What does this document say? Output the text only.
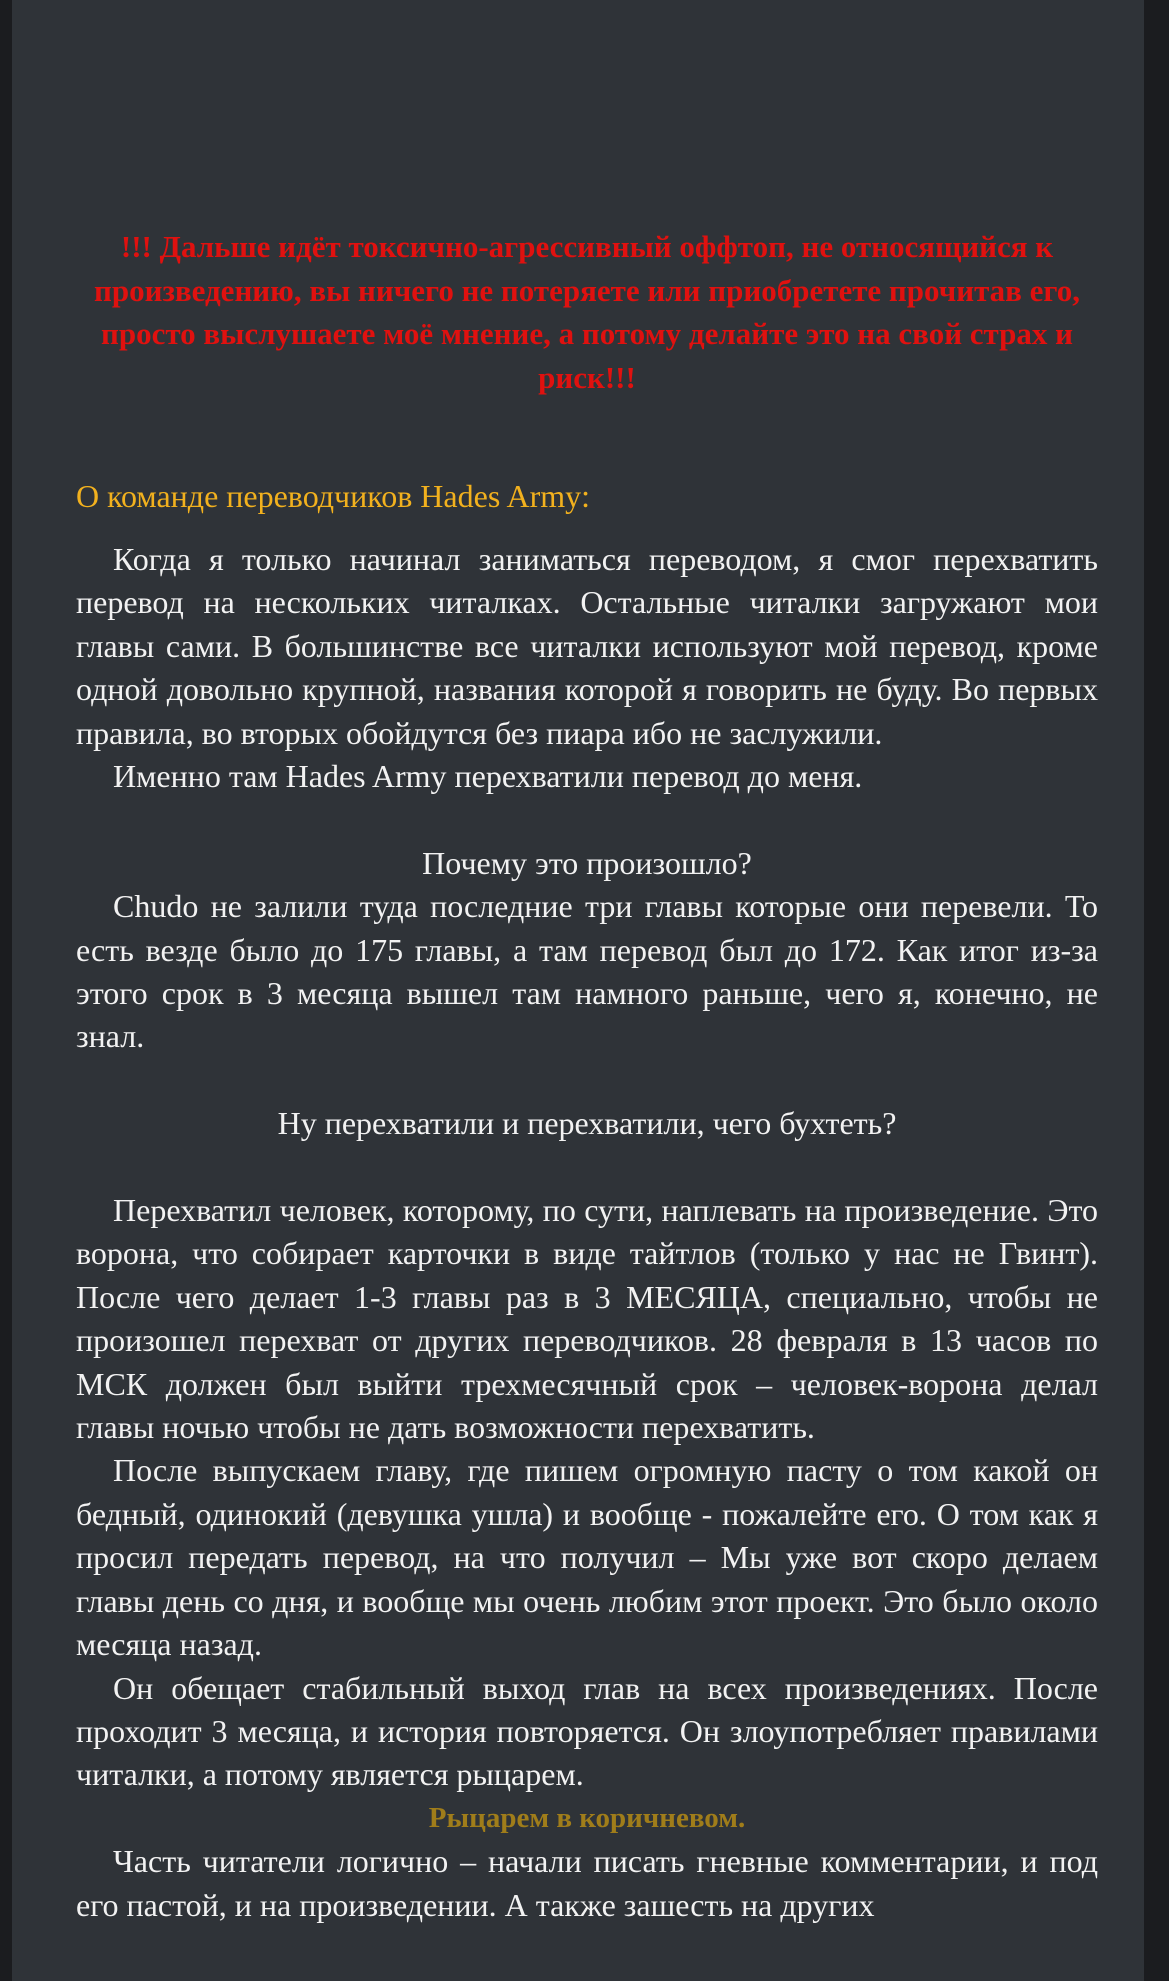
!!! Дальше идёт токсично-агрессивный оффтоп, не относящийся к произведению, вы ничего не потеряете или приобретете прочитав его, просто выслушаете моё мнение, а потому делайте это на свой страх и риск!!!

О команде переводчиков Hades Army:

Когда я только начинал заниматься переводом, я смог перехватить перевод на нескольких читалках. Остальные читалки загружают мои главы сами. В большинстве все читалки используют мой перевод, кроме одной довольно крупной, названия которой я говорить не буду. Во первых правила, во вторых обойдутся без пиара ибо не заслужили.

Именно там Hades Army перехватили перевод до меня.

Почему это произошло?

Chudo не залили туда последние три главы которые они перевели. То есть везде было до 175 главы, а там перевод был до 172. Как итог из-за этого срок в 3 месяца вышел там намного раньше, чего я, конечно, не знал.

Ну перехватили и перехватили, чего бухтеть?

Перехватил человек, которому, по сути, наплевать на произведение. Это ворона, что собирает карточки в виде тайтлов (только у нас не Гвинт). После чего делает 1-3 главы раз в 3 МЕСЯЦА, специально, чтобы не произошел перехват от других переводчиков. 28 февраля в 13 часов по МСК должен был выйти трехмесячный срок – человек-ворона делал главы ночью чтобы не дать возможности перехватить.

После выпускаем главу, где пишем огромную пасту о том какой он бедный, одинокий (девушка ушла) и вообще - пожалейте его. О том как я просил передать перевод, на что получил – Мы уже вот скоро делаем главы день со дня, и вообще мы очень любим этот проект. Это было около месяца назад.

Он обещает стабильный выход глав на всех произведениях. После проходит 3 месяца, и история повторяется. Он злоупотребляет правилами читалки, а потому является рыцарем.

Рыцарем в коричневом.

Часть читатели логично – начали писать гневные комментарии, и под его пастой, и на произведении. А также зашесть на других
